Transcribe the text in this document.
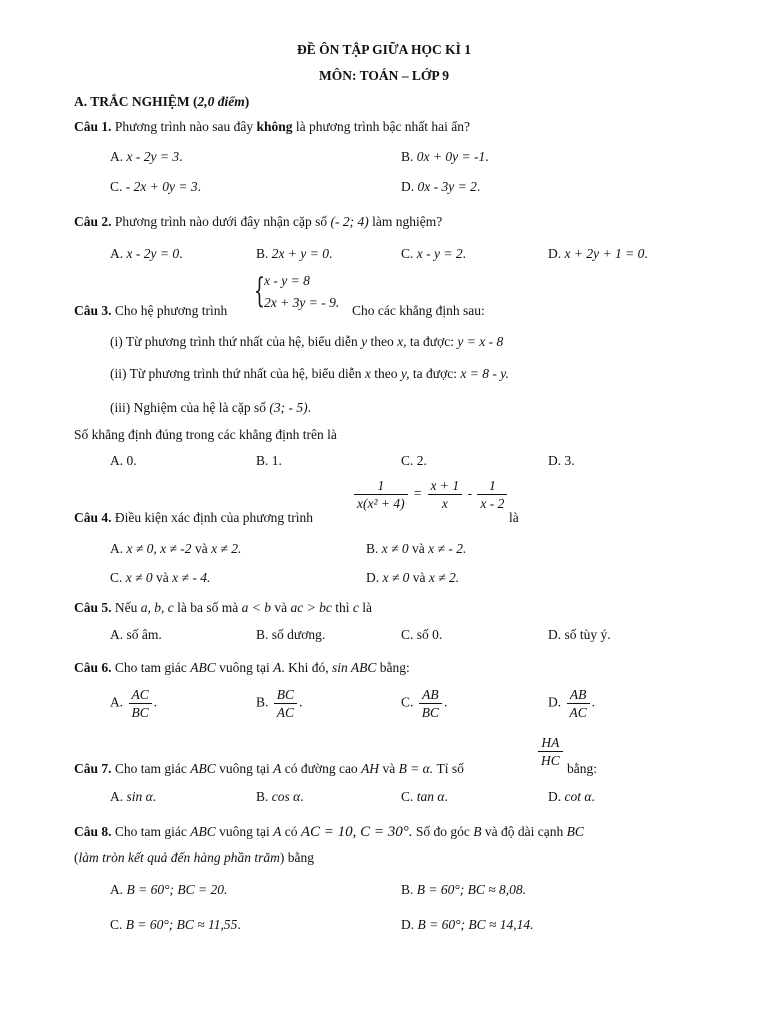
ĐỀ ÔN TẬP GIỮA HỌC KÌ 1
MÔN: TOÁN – LỚP 9
A. TRẮC NGHIỆM (2,0 điểm)
Câu 1. Phương trình nào sau đây không là phương trình bậc nhất hai ẩn?
A. x - 2y = 3.	B. 0x + 0y = -1.
C. - 2x + 0y = 3.	D. 0x - 3y = 2.
Câu 2. Phương trình nào dưới đây nhận cặp số (- 2; 4) làm nghiệm?
A. x - 2y = 0.	B. 2x + y = 0.	C. x - y = 2.	D. x + 2y + 1 = 0.
Câu 3. Cho hệ phương trình { x - y = 8
2x + 3y = - 9.
Cho các khẳng định sau:
(i) Từ phương trình thứ nhất của hệ, biểu diễn y theo x, ta được: y = x - 8
(ii) Từ phương trình thứ nhất của hệ, biểu diễn x theo y, ta được: x = 8 - y.
(iii) Nghiệm của hệ là cặp số (3; - 5).
Số khẳng định đúng trong các khẳng định trên là
A. 0.	B. 1.	C. 2.	D. 3.
Câu 4. Điều kiện xác định của phương trình
$\frac{1}{\text{x(x² + 4)}} = \frac{x + 1}{x} - \frac{1}{x - 2}$
là
A. x ≠ 0, x ≠ -2 và x ≠ 2.	B. x ≠ 0 và x ≠ - 2.
C. x ≠ 0 và x ≠ - 4.	D. x ≠ 0 và x ≠ 2.
Câu 5. Nếu a, b, c là ba số mà a < b và ac > bc thì c là
A. số âm.	B. số dương.	C. số 0.	D. số tùy ý.
Câu 6. Cho tam giác ABC vuông tại A. Khi đó, sin ABC bằng:
A. $\frac{AC}{BC}$ .	B. $\frac{BC}{AC}$ .	C. $\frac{AB}{BC}$ .	D. $\frac{AB}{AC}$ .
Câu 7. Cho tam giác ABC vuông tại A có đường cao AH và B = α. Tỉ số	$\frac{HA}{HC}$ bằng:
A. sin α.	B. cos α.	C. tan α.	D. cot α.
Câu 8. Cho tam giác ABC vuông tại A có AC = 10, C = 30°. Số đo góc B và độ dài cạnh BC
(làm tròn kết quả đến hàng phần trăm) bằng
A. B = 60°; BC = 20.	B. B = 60°; BC ≈ 8,08.
C. B = 60°; BC ≈ 11,55.	D. B = 60°; BC ≈ 14,14.
